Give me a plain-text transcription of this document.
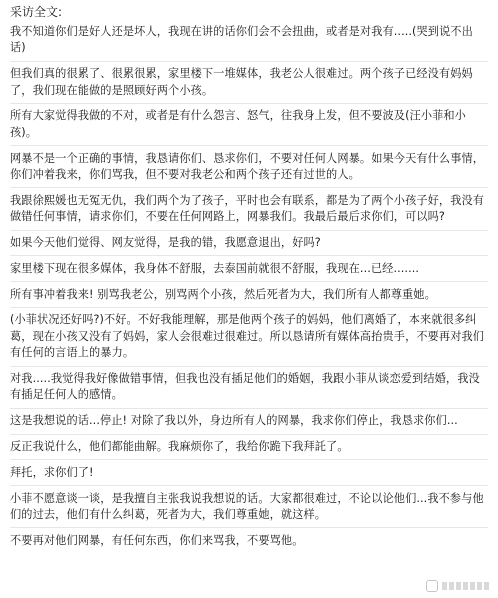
采访全文:

我不知道你们是好人还是坏人，我现在讲的话你们会不会扭曲，或者是对我有.....(哭到说不出话)

但我们真的很累了、很累很累，家里楼下一堆媒体，我老公人很难过。两个孩子已经没有妈妈了，我们现在能做的是照顾好两个小孩。

所有大家觉得我做的不对，或者是有什么怨言、怒气，往我身上发，但不要波及(汪小菲和小孩)。

网暴不是一个正确的事情，我恳请你们、恳求你们，不要对任何人网暴。如果今天有什么事情，你们冲着我来，你们骂我，但不要对我老公和两个孩子还有过世的人。

我跟徐熙媛也无冤无仇，我们两个为了孩子，平时也会有联系，都是为了两个小孩子好，我没有做错任何事情，请求你们，不要在任何网路上，网暴我们。我最后最后求你们，可以吗?

如果今天他们觉得、网友觉得，是我的错，我愿意退出，好吗?

家里楼下现在很多媒体，我身体不舒服，去泰国前就很不舒服，我现在...已经.......

所有事冲着我来! 别骂我老公，别骂两个小孩，然后死者为大，我们所有人都尊重她。

(小菲状况还好吗?)不好。不好我能理解，那是他两个孩子的妈妈，他们离婚了，本来就很多纠葛，现在小孩又没有了妈妈，家人会很难过很难过。所以恳请所有媒体高抬贵手，不要再对我们有任何的言语上的暴力。

对我.....我觉得我好像做错事情，但我也没有插足他们的婚姻，我跟小菲从谈恋爱到结婚，我没有插足任何人的感情。

这是我想说的话...停止! 对除了我以外，身边所有人的网暴，我求你们停止，我恳求你们...

反正我说什么，他们都能曲解。我麻烦你了，我给你跪下我拜託了。

拜托，求你们了!

小菲不愿意谈一谈，是我擅自主张我说我想说的话。大家都很难过，不论以论他们...我不参与他们的过去，他们有什么纠葛，死者为大，我们尊重她，就这样。

不要再对他们网暴，有任何东西，你们来骂我，不要骂他。
